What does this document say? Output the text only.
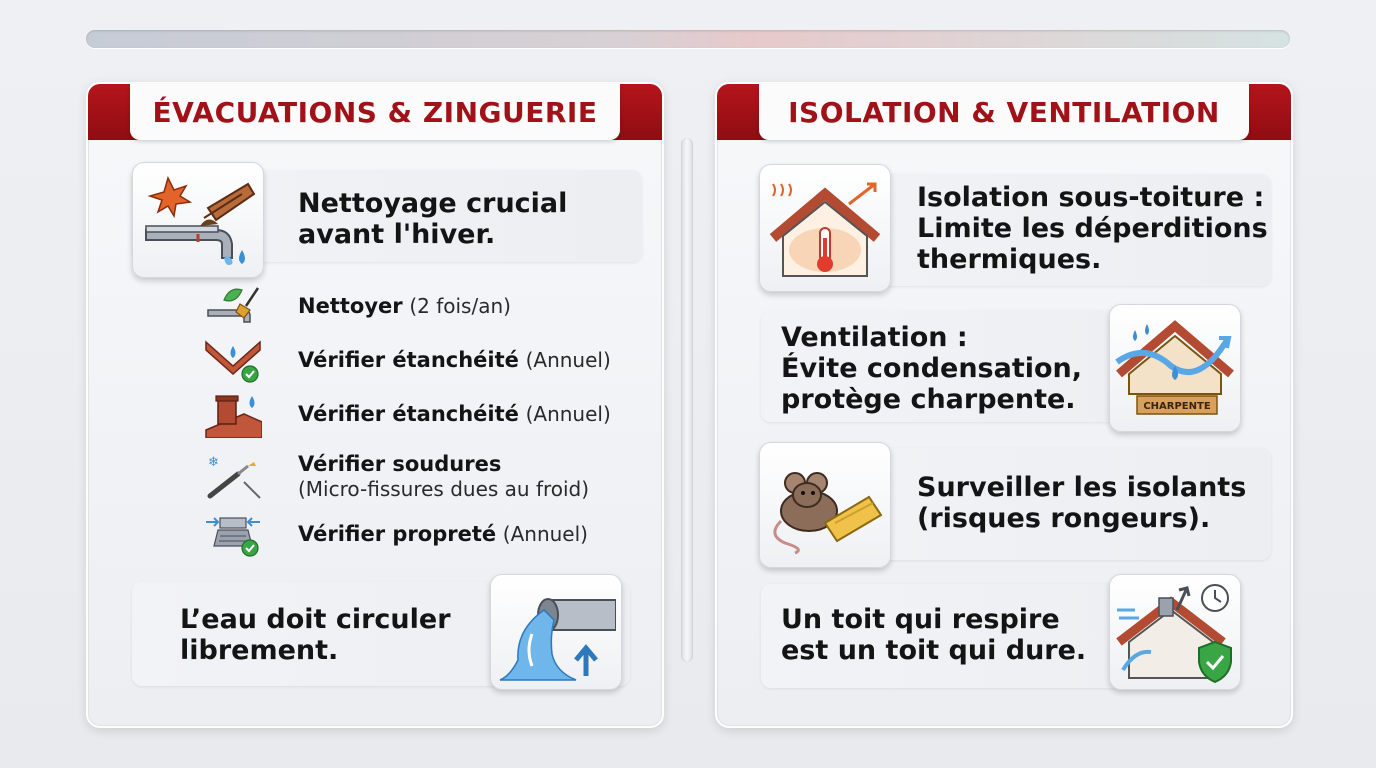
ÉVACUATIONS & ZINGUERIE
Nettoyage crucial
avant l'hiver.
Nettoyer (2 fois/an)
Vérifier étanchéité (Annuel)
Vérifier étanchéité (Annuel)
❄	Vérifier soudures
(Micro-fissures dues au froid)
Vérifier propreté (Annuel)
L’eau doit circuler
librement.
ISOLATION & VENTILATION
Isolation sous-toiture :
Limite les déperditions
thermiques.
Ventilation :
Évite condensation,
protège charpente.	CHARPENTE
Surveiller les isolants
(risques rongeurs).
Un toit qui respire
est un toit qui dure.
